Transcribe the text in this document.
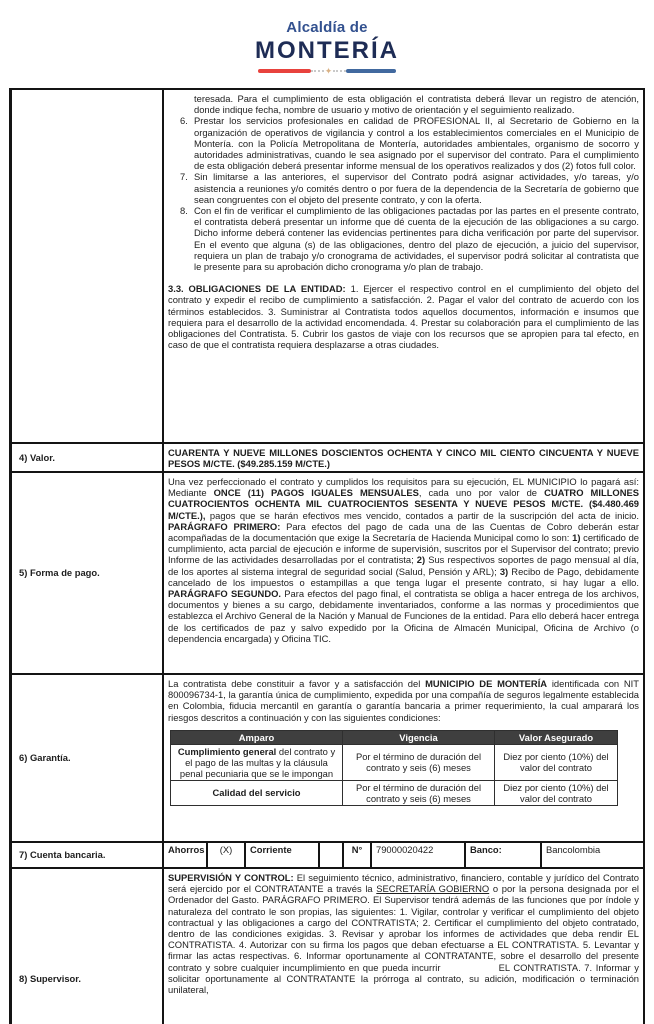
Alcaldía de
MONTERÍA
✦

teresada. Para el cumplimiento de esta obligación el contratista deberá llevar un registro de atención, donde indique fecha, nombre de usuario y motivo de orientación y el seguimiento realizado.

6. Prestar los servicios profesionales en calidad de PROFESIONAL II, al Secretario de Gobierno en la organización de operativos de vigilancia y control a los establecimientos comerciales en el Municipio de Montería. con la Policía Metropolitana de Montería, autoridades ambientales, organismo de socorro y autoridades administrativas, cuando le sea asignado por el supervisor del contrato. Para el cumplimiento de esta obligación deberá presentar informe mensual de los operativos realizados y dos (2) fotos full color.
7. Sin limitarse a las anteriores, el supervisor del Contrato podrá asignar actividades, y/o tareas, y/o asistencia a reuniones y/o comités dentro o por fuera de la dependencia de la Secretaría de gobierno que sean congruentes con el objeto del presente contrato, y con la oferta.
8. Con el fin de verificar el cumplimiento de las obligaciones pactadas por las partes en el presente contrato, el contratista deberá presentar un informe que dé cuenta de la ejecución de las obligaciones a su cargo. Dicho informe deberá contener las evidencias pertinentes para dicha verificación por parte del supervisor. En el evento que alguna (s) de las obligaciones, dentro del plazo de ejecución, a juicio del supervisor, requiera un plan de trabajo y/o cronograma de actividades, el supervisor podrá solicitar al contratista que le presente para su aprobación dicho cronograma y/o plan de trabajo.

3.3. OBLIGACIONES DE LA ENTIDAD: 1. Ejercer el respectivo control en el cumplimiento del objeto del contrato y expedir el recibo de cumplimiento a satisfacción. 2. Pagar el valor del contrato de acuerdo con los términos establecidos. 3. Suministrar al Contratista todos aquellos documentos, información e insumos que requiera para el desarrollo de la actividad encomendada. 4. Prestar su colaboración para el cumplimiento de las obligaciones del Contratista. 5. Cubrir los gastos de viaje con los recursos que se apropien para tal efecto, en caso de que el contratista requiera desplazarse a otras ciudades.

4) Valor.	CUARENTA Y NUEVE MILLONES DOSCIENTOS OCHENTA Y CINCO MIL CIENTO CINCUENTA Y NUEVE PESOS M/CTE. ($49.285.159 M/CTE.)

5) Forma de pago.

Una vez perfeccionado el contrato y cumplidos los requisitos para su ejecución, EL MUNICIPIO lo pagará así: Mediante ONCE (11) PAGOS IGUALES MENSUALES, cada uno por valor de CUATRO MILLONES CUATROCIENTOS OCHENTA MIL CUATROCIENTOS SESENTA Y NUEVE PESOS M/CTE. ($4.480.469 M/CTE.), pagos que se harán efectivos mes vencido, contados a partir de la suscripción del acta de inicio. PARÁGRAFO PRIMERO: Para efectos del pago de cada una de las Cuentas de Cobro deberán estar acompañadas de la documentación que exige la Secretaría de Hacienda Municipal como lo son: 1) certificado de cumplimiento, acta parcial de ejecución e informe de supervisión, suscritos por el Supervisor del contrato; previo Informe de las actividades desarrolladas por el contratista; 2) Sus respectivos soportes de pago mensual al día, de los aportes al sistema integral de seguridad social (Salud, Pensión y ARL); 3) Recibo de Pago, debidamente cancelado de los impuestos o estampillas a que tenga lugar el presente contrato, si hay lugar a ello. PARÁGRAFO SEGUNDO. Para efectos del pago final, el contratista se obliga a hacer entrega de los archivos, documentos y bienes a su cargo, debidamente inventariados, conforme a las normas y procedimientos que establezca el Archivo General de la Nación y Manual de Funciones de la entidad. Para ello deberá hacer entrega de los certificados de paz y salvo expedido por la Oficina de Almacén Municipal, Oficina de Archivo (o dependencia encargada) y Oficina TIC.

6) Garantía.

La contratista debe constituir a favor y a satisfacción del MUNICIPIO DE MONTERÍA identificada con NIT 800096734-1, la garantía única de cumplimiento, expedida por una compañía de seguros legalmente establecida en Colombia, fiducia mercantil en garantía o garantía bancaria a primer requerimiento, la cual amparará los riesgos descritos a continuación y con las siguientes condiciones:

Amparo	Vigencia	Valor Asegurado
Cumplimiento general del contrato y el pago de las multas y la cláusula penal pecuniaria que se le impongan	Por el término de duración del contrato y seis (6) meses	Diez por ciento (10%) del valor del contrato
Calidad del servicio	Por el término de duración del contrato y seis (6) meses	Diez por ciento (10%) del valor del contrato
7) Cuenta bancaria.	Ahorros	(X)	Corriente	N°	79000020422	Banco:	Bancolombia
8) Supervisor.

SUPERVISIÓN Y CONTROL: El seguimiento técnico, administrativo, financiero, contable y jurídico del Contrato será ejercido por el CONTRATANTE a través la SECRETARÍA GOBIERNO o por la persona designada por el Ordenador del Gasto. PARÁGRAFO PRIMERO. El Supervisor tendrá además de las funciones que por índole y naturaleza del contrato le son propias, las siguientes: 1. Vigilar, controlar y verificar el cumplimiento del objeto contractual y las obligaciones a cargo del CONTRATISTA; 2. Certificar el cumplimiento del objeto contratado, dentro de las condiciones exigidas. 3. Revisar y aprobar los informes de actividades que deba rendir EL CONTRATISTA. 4. Autorizar con su firma los pagos que deban efectuarse a EL CONTRATISTA. 5. Levantar y firmar las actas respectivas. 6. Informar oportunamente al CONTRATANTE, sobre el desarrollo del presente contrato y sobre cualquier incumplimiento en que pueda incurrir                EL CONTRATISTA. 7. Informar y solicitar oportunamente al CONTRATANTE la prórroga al contrato, su adición, modificación o terminación unilateral,
